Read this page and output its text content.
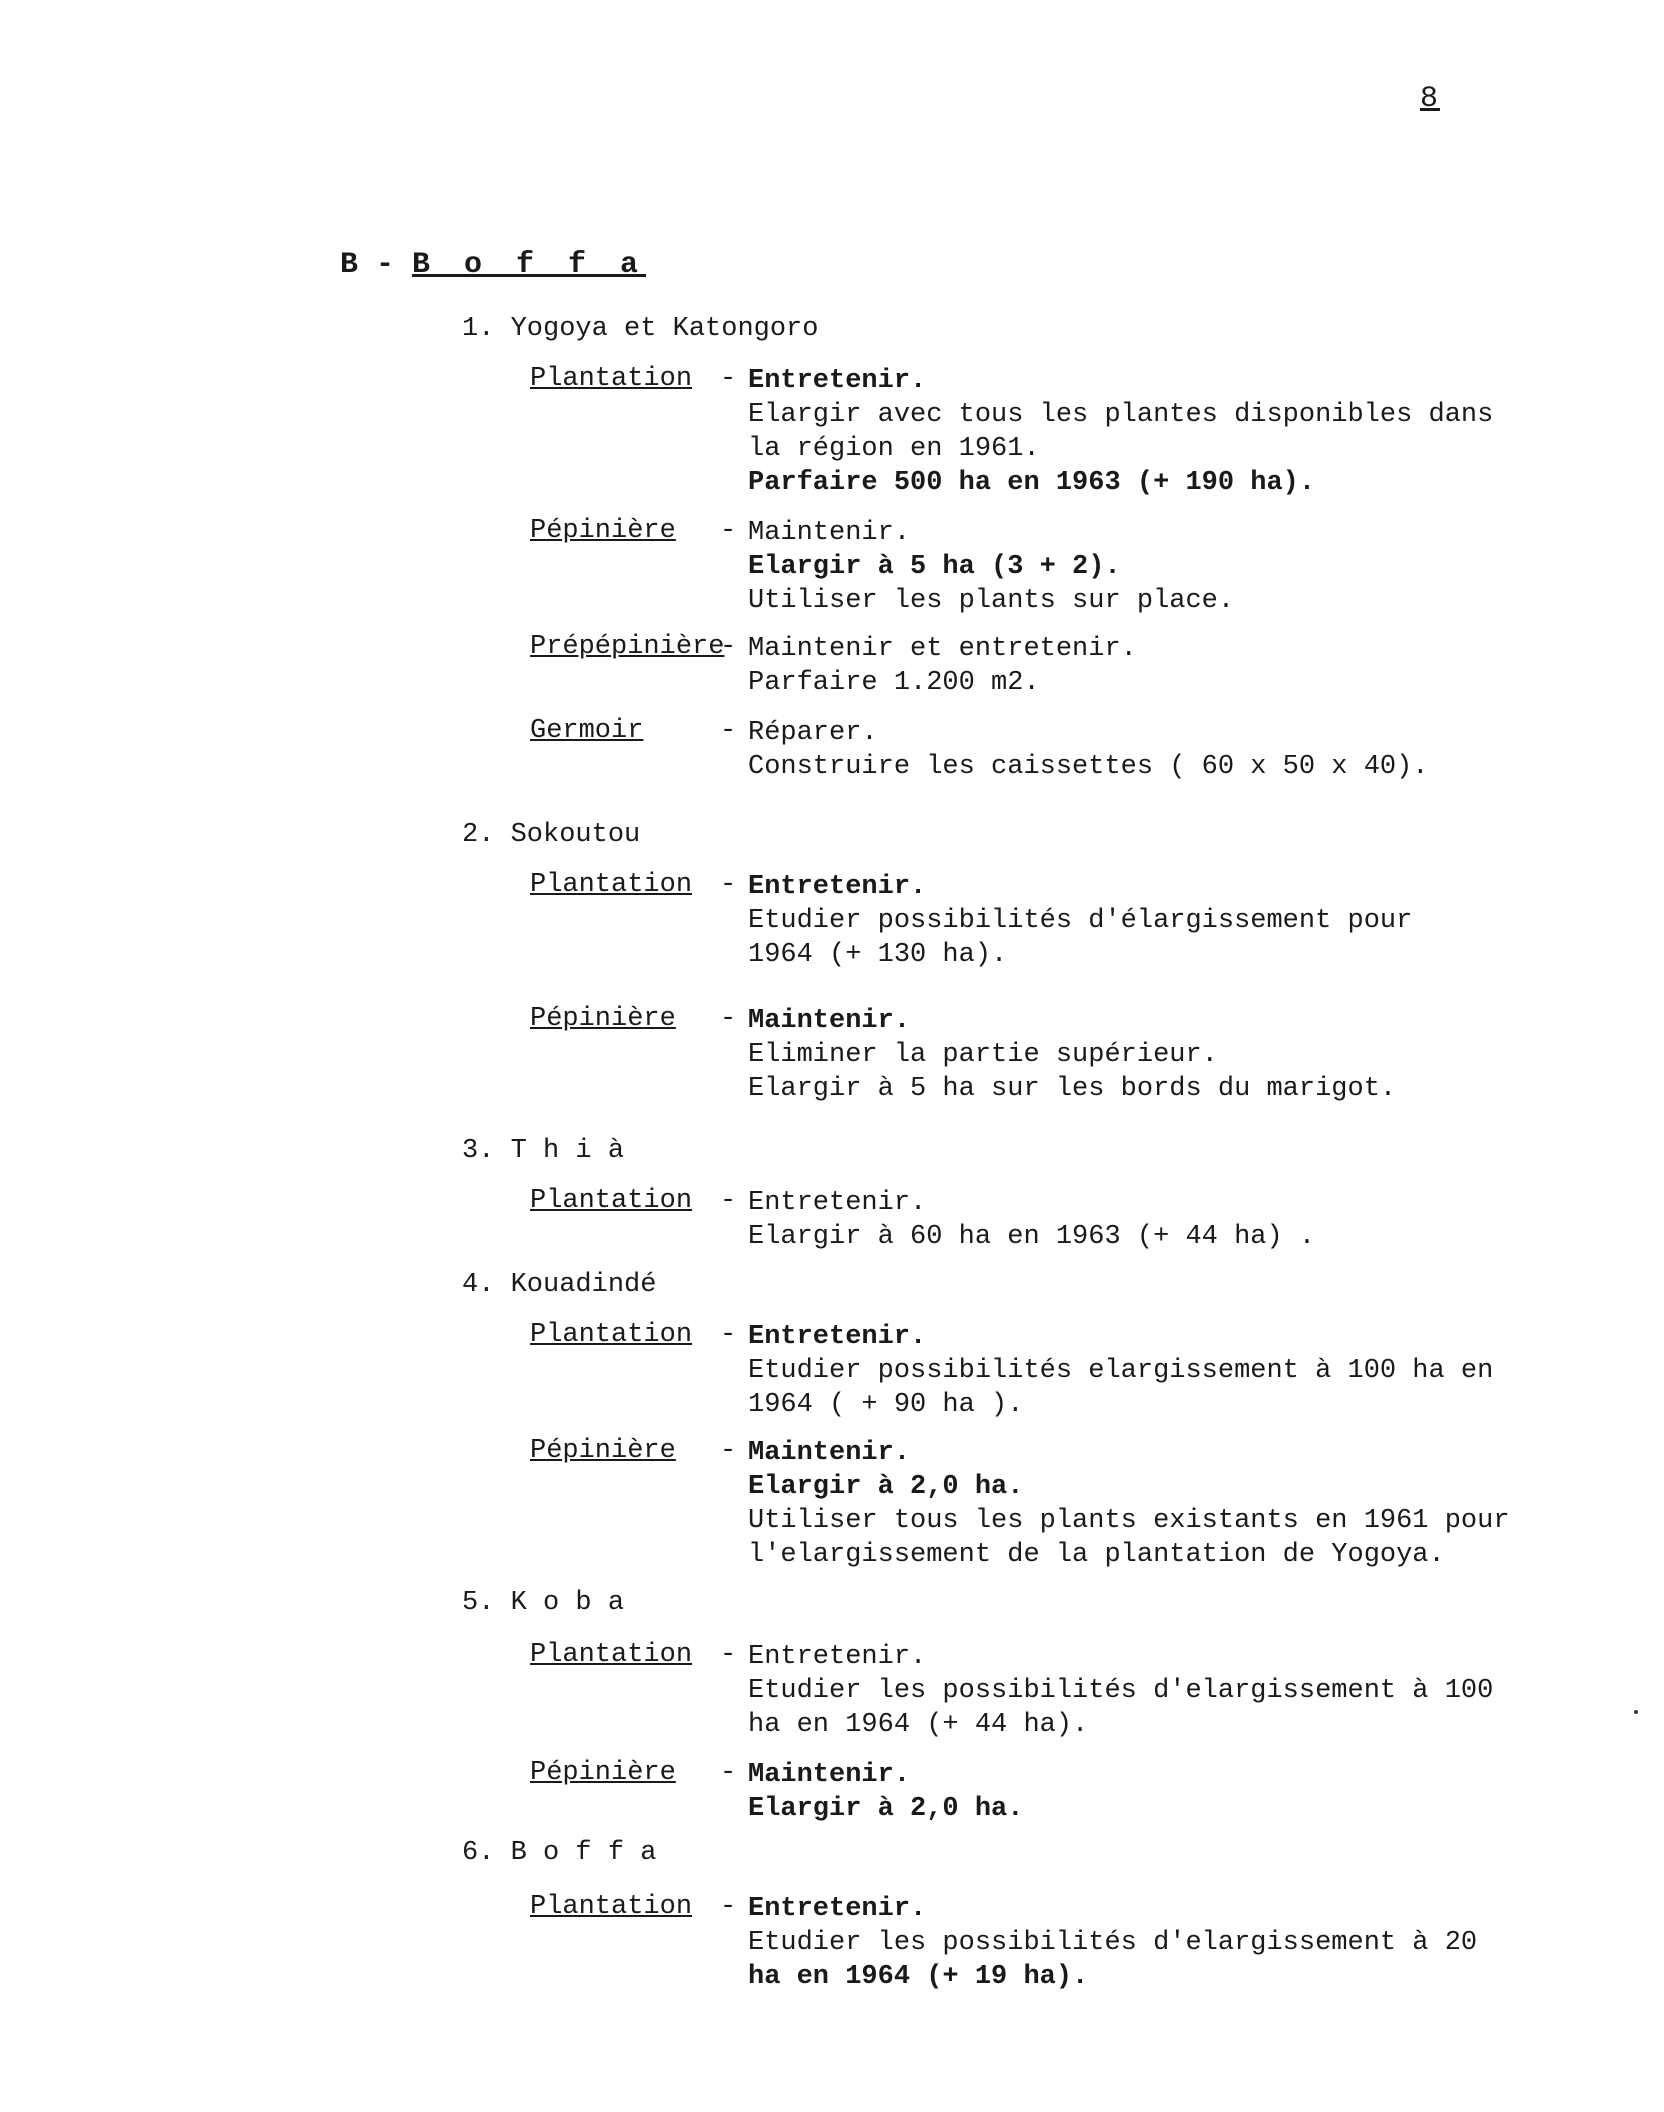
8
B - B o f f a
1. Yogoya et Katongoro
Plantation - Entretenir.
Elargir avec tous les plantes disponibles dans
la région en 1961.
Parfaire 500 ha en 1963 (+ 190 ha).
Pépinière - Maintenir.
Elargir à 5 ha (3 + 2).
Utiliser les plants sur place.
Prépépinière
- Maintenir et entretenir.
Parfaire 1.200 m2.
Germoir	- Réparer.
Construire les caissettes ( 60 x 50 x 40).
2. Sokoutou
Plantation - Entretenir.
Etudier possibilités d'élargissement pour
1964 (+ 130 ha).
Pépinière - Maintenir.
Eliminer la partie supérieur.
Elargir à 5 ha sur les bords du marigot.
3. T h i à
Plantation - Entretenir.
Elargir à 60 ha en 1963 (+ 44 ha) .
4. Kouadindé
Plantation - Entretenir.
Etudier possibilités elargissement à 100 ha en
1964 ( + 90 ha ).
Pépinière - Maintenir.
Elargir à 2,0 ha.
Utiliser tous les plants existants en 1961 pour
l'elargissement de la plantation de Yogoya.
5. K o b a
Plantation - Entretenir.
Etudier les possibilités d'elargissement à 100
ha en 1964 (+ 44 ha).
Pépinière - Maintenir.
Elargir à 2,0 ha.
6. B o f f a
Plantation - Entretenir.
Etudier les possibilités d'elargissement à 20
ha en 1964 (+ 19 ha).
